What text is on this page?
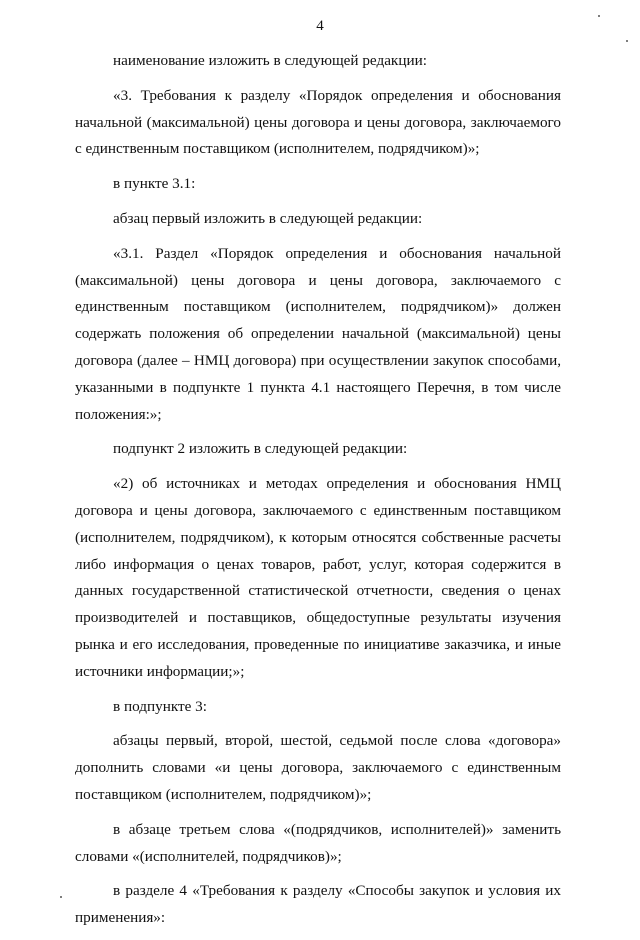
4

наименование изложить в следующей редакции:

«3. Требования к разделу «Порядок определения и обоснования начальной (максимальной) цены договора и цены договора, заключаемого с единственным поставщиком (исполнителем, подрядчиком)»;

в пункте 3.1:

абзац первый изложить в следующей редакции:

«3.1. Раздел «Порядок определения и обоснования начальной (максимальной) цены договора и цены договора, заключаемого с единственным поставщиком (исполнителем, подрядчиком)» должен содержать положения об определении начальной (максимальной) цены договора (далее – НМЦ договора) при осуществлении закупок способами, указанными в подпункте 1 пункта 4.1 настоящего Перечня, в том числе положения:»;

подпункт 2 изложить в следующей редакции:

«2) об источниках и методах определения и обоснования НМЦ договора и цены договора, заключаемого с единственным поставщиком (исполнителем, подрядчиком), к которым относятся собственные расчеты либо информация о ценах товаров, работ, услуг, которая содержится в данных государственной статистической отчетности, сведения о ценах производителей и поставщиков, общедоступные результаты изучения рынка и его исследования, проведенные по инициативе заказчика, и иные источники информации;»;

в подпункте 3:

абзацы первый, второй, шестой, седьмой после слова «договора» дополнить словами «и цены договора, заключаемого с единственным поставщиком (исполнителем, подрядчиком)»;

в абзаце третьем слова «(подрядчиков, исполнителей)» заменить словами «(исполнителей, подрядчиков)»;

в разделе 4 «Требования к разделу «Способы закупок и условия их применения»:
